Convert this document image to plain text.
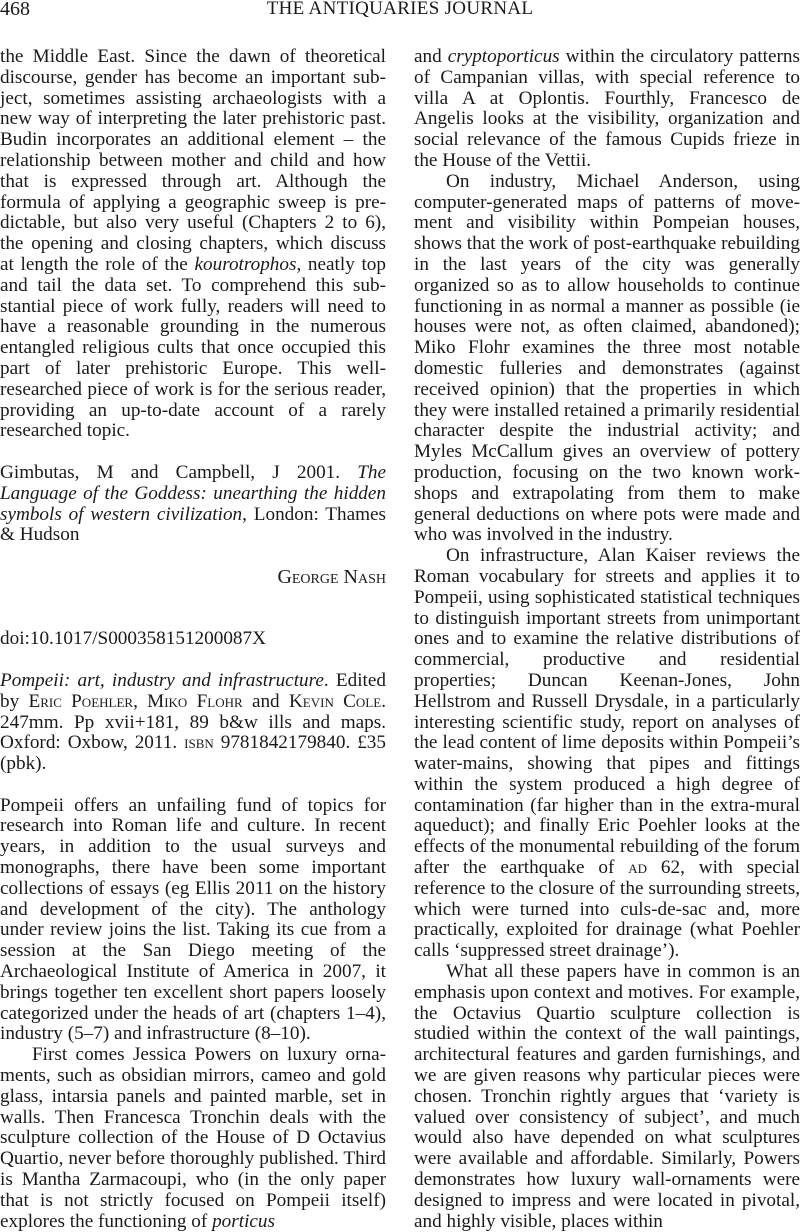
468	THE ANTIQUARIES JOURNAL

the Middle East. Since the dawn of theoretical discourse, gender has become an important subject, sometimes assisting archaeologists with a new way of interpreting the later prehistoric past. Budin incorporates an additional element – the relationship between mother and child and how that is expressed through art. Although the formula of applying a geographic sweep is predictable, but also very useful (Chapters 2 to 6), the opening and closing chapters, which discuss at length the role of the kourotrophos, neatly top and tail the data set. To comprehend this substantial piece of work fully, readers will need to have a reasonable grounding in the numerous entangled religious cults that once occupied this part of later prehistoric Europe. This well-researched piece of work is for the serious reader, providing an up-to-date account of a rarely researched topic.

Gimbutas, M and Campbell, J 2001. The Language of the Goddess: unearthing the hidden symbols of western civilization, London: Thames & Hudson

George Nash

doi:10.1017/S000358151200087X

Pompeii: art, industry and infrastructure. Edited by Eric Poehler, Miko Flohr and Kevin Cole. 247mm. Pp xvii+181, 89 b&w ills and maps. Oxford: Oxbow, 2011. isbn 9781842179840. £35 (pbk).

Pompeii offers an unfailing fund of topics for research into Roman life and culture. In recent years, in addition to the usual surveys and monographs, there have been some important collections of essays (eg Ellis 2011 on the history and development of the city). The anthology under review joins the list. Taking its cue from a session at the San Diego meeting of the Archaeological Institute of America in 2007, it brings together ten excellent short papers loosely categorized under the heads of art (chapters 1–4), industry (5–7) and infrastructure (8–10).

First comes Jessica Powers on luxury ornaments, such as obsidian mirrors, cameo and gold glass, intarsia panels and painted marble, set in walls. Then Francesca Tronchin deals with the sculpture collection of the House of D Octavius Quartio, never before thoroughly published. Third is Mantha Zarmacoupi, who (in the only paper that is not strictly focused on Pompeii itself) explores the functioning of porticus

and cryptoporticus within the circulatory patterns of Campanian villas, with special reference to villa A at Oplontis. Fourthly, Francesco de Angelis looks at the visibility, organization and social relevance of the famous Cupids frieze in the House of the Vettii.

On industry, Michael Anderson, using computer-generated maps of patterns of movement and visibility within Pompeian houses, shows that the work of post-earthquake rebuilding in the last years of the city was generally organized so as to allow households to continue functioning in as normal a manner as possible (ie houses were not, as often claimed, abandoned); Miko Flohr examines the three most notable domestic fulleries and demonstrates (against received opinion) that the properties in which they were installed retained a primarily residential character despite the industrial activity; and Myles McCallum gives an overview of pottery production, focusing on the two known workshops and extrapolating from them to make general deductions on where pots were made and who was involved in the industry.

On infrastructure, Alan Kaiser reviews the Roman vocabulary for streets and applies it to Pompeii, using sophisticated statistical techniques to distinguish important streets from unimportant ones and to examine the relative distributions of commercial, productive and residential properties; Duncan Keenan-Jones, John Hellstrom and Russell Drysdale, in a particularly interesting scientific study, report on analyses of the lead content of lime deposits within Pompeii’s water-mains, showing that pipes and fittings within the system produced a high degree of contamination (far higher than in the extra-mural aqueduct); and finally Eric Poehler looks at the effects of the monumental rebuilding of the forum after the earthquake of ad 62, with special reference to the closure of the surrounding streets, which were turned into culs-de-sac and, more practically, exploited for drainage (what Poehler calls ‘suppressed street drainage’).

What all these papers have in common is an emphasis upon context and motives. For example, the Octavius Quartio sculpture collection is studied within the context of the wall paintings, architectural features and garden furnishings, and we are given reasons why particular pieces were chosen. Tronchin rightly argues that ‘variety is valued over consistency of subject’, and much would also have depended on what sculptures were available and affordable. Similarly, Powers demonstrates how luxury wall-ornaments were designed to impress and were located in pivotal, and highly visible, places within
